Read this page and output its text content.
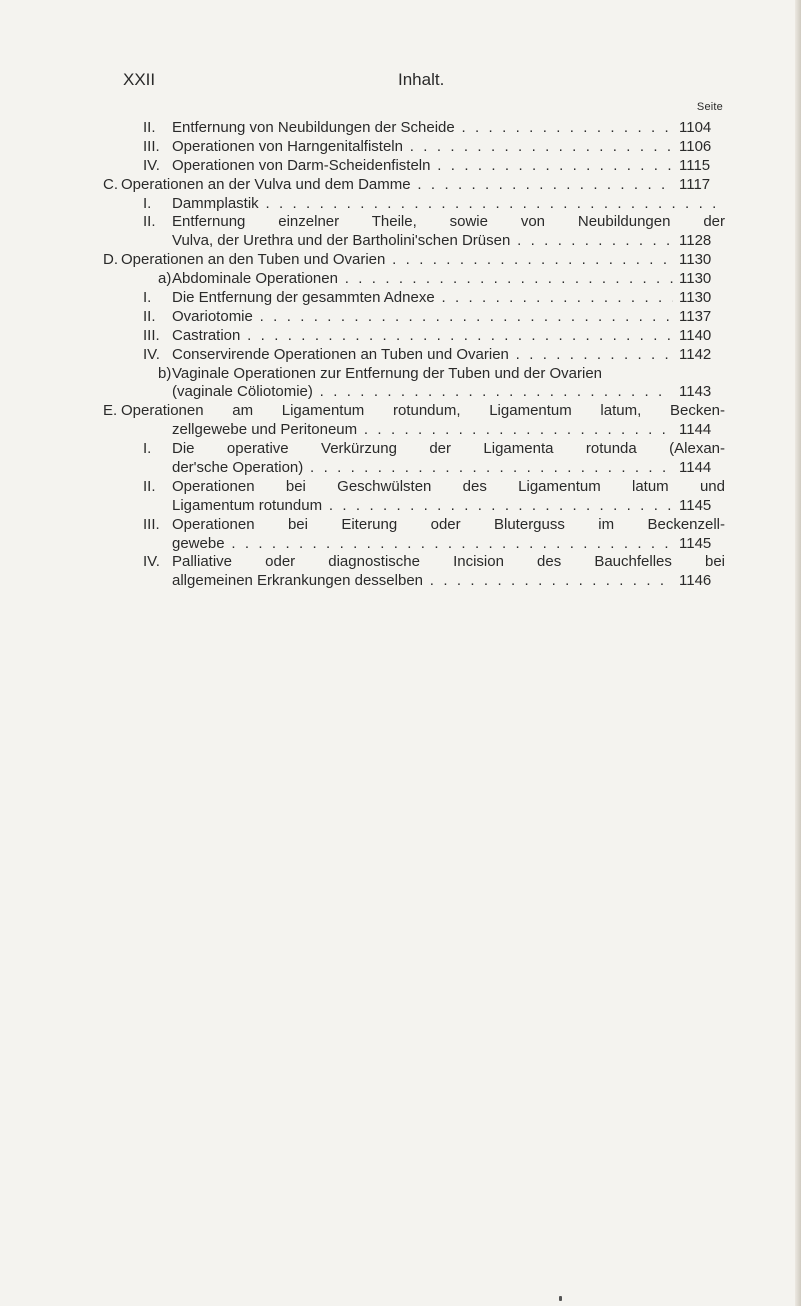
XXII	Inhalt.
Seite
II. Entfernung von Neubildungen der Scheide . . .	1104
III. Operationen von Harngenitalfisteln . . .	1106
IV. Operationen von Darm-Scheidenfisteln . . .	1115
C. Operationen an der Vulva und dem Damme . . .	1117
I. Dammplastik . . .
II. Entfernung einzelner Theile, sowie von Neubildungen der
Vulva, der Urethra und der Bartholini'schen Drüsen . . .	1128
D. Operationen an den Tuben und Ovarien . . .	1130
a) Abdominale Operationen . . .	1130
I. Die Entfernung der gesammten Adnexe . . .	1130
II. Ovariotomie . . .	1137
III. Castration . . .	1140
IV. Conservirende Operationen an Tuben und Ovarien . . .	1142
b) Vaginale Operationen zur Entfernung der Tuben und der Ovarien
(vaginale Cöliotomie) . . .	1143
E. Operationen am Ligamentum rotundum, Ligamentum latum, Becken-
zellgewebe und Peritoneum . . .	1144
I. Die operative Verkürzung der Ligamenta rotunda (Alexan-
der'sche Operation) . . .	1144
II. Operationen bei Geschwülsten des Ligamentum latum und
Ligamentum rotundum . . .	1145
III. Operationen bei Eiterung oder Bluterguss im Beckenzell-
gewebe . . .	1145
IV. Palliative oder diagnostische Incision des Bauchfelles bei
allgemeinen Erkrankungen desselben . . .	1146
